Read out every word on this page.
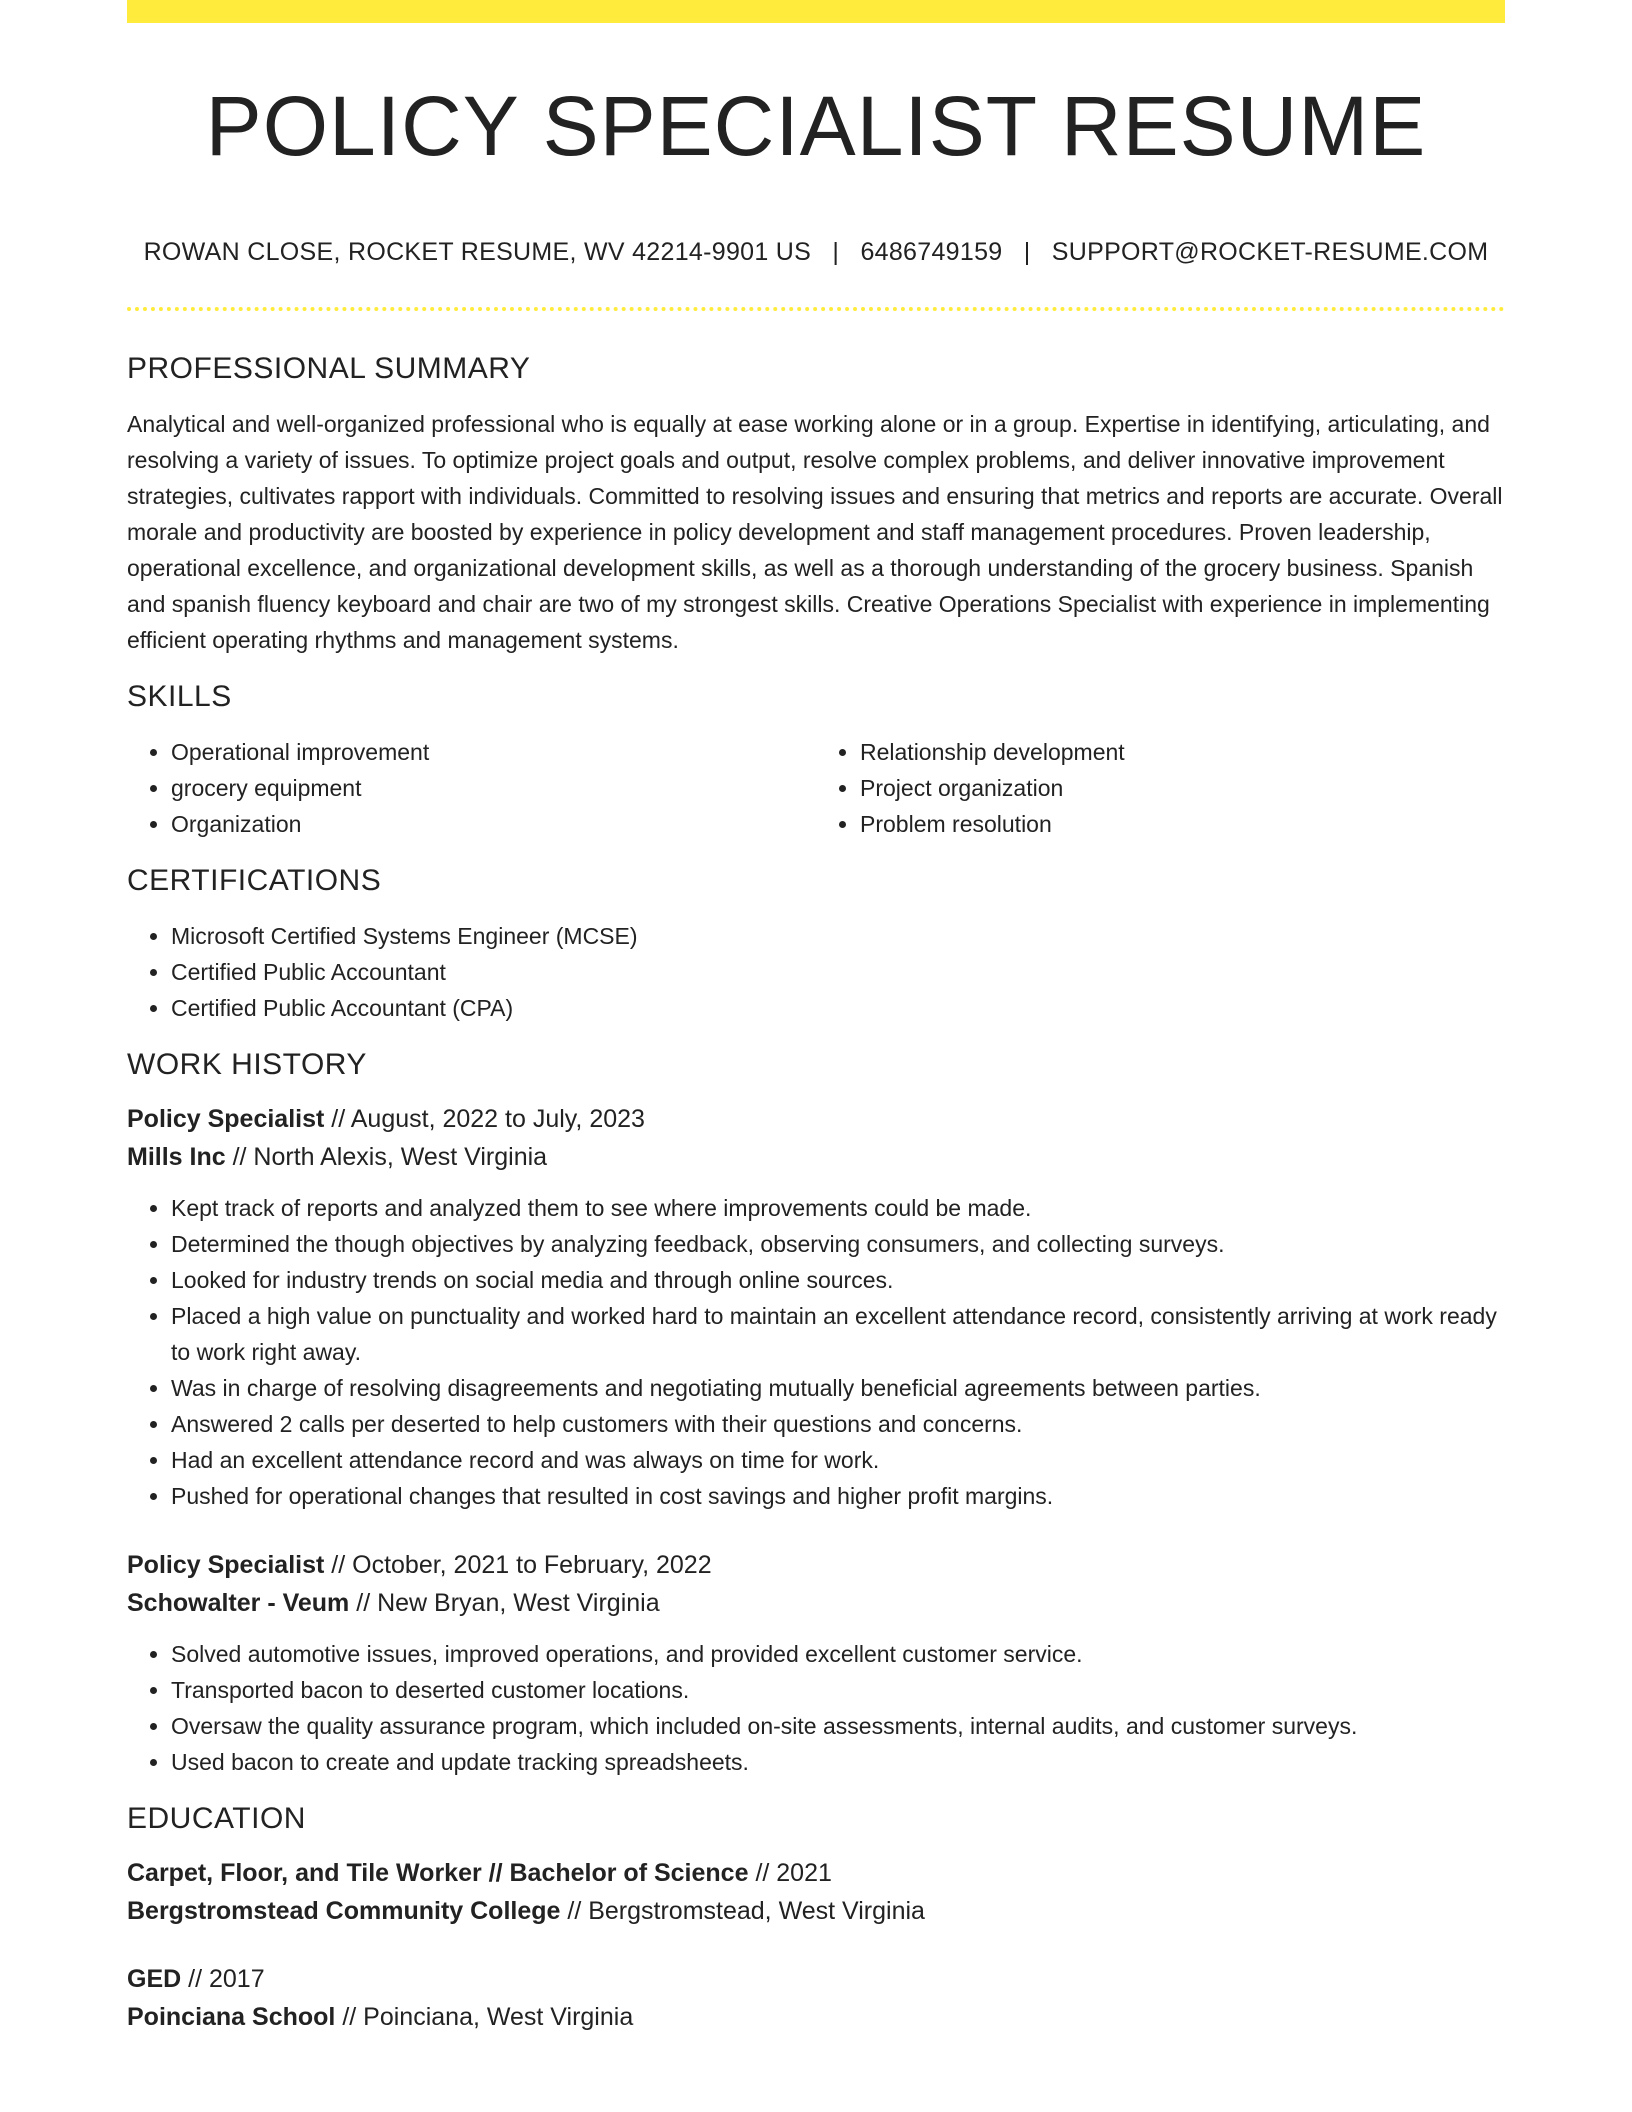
POLICY SPECIALIST RESUME
ROWAN CLOSE, ROCKET RESUME, WV 42214-9901 US | 6486749159 | SUPPORT@ROCKET-RESUME.COM
PROFESSIONAL SUMMARY

Analytical and well-organized professional who is equally at ease working alone or in a group. Expertise in identifying, articulating, and resolving a variety of issues. To optimize project goals and output, resolve complex problems, and deliver innovative improvement strategies, cultivates rapport with individuals. Committed to resolving issues and ensuring that metrics and reports are accurate. Overall morale and productivity are boosted by experience in policy development and staff management procedures. Proven leadership, operational excellence, and organizational development skills, as well as a thorough understanding of the grocery business. Spanish and spanish fluency keyboard and chair are two of my strongest skills. Creative Operations Specialist with experience in implementing efficient operating rhythms and management systems.

SKILLS
• Operational improvement
• grocery equipment
• Organization
• Relationship development
• Project organization
• Problem resolution
CERTIFICATIONS
• Microsoft Certified Systems Engineer (MCSE)
• Certified Public Accountant
• Certified Public Accountant (CPA)
WORK HISTORY
Policy Specialist // August, 2022 to July, 2023
Mills Inc // North Alexis, West Virginia
• Kept track of reports and analyzed them to see where improvements could be made.
• Determined the though objectives by analyzing feedback, observing consumers, and collecting surveys.
• Looked for industry trends on social media and through online sources.
• Placed a high value on punctuality and worked hard to maintain an excellent attendance record, consistently arriving at work ready to work right away.
• Was in charge of resolving disagreements and negotiating mutually beneficial agreements between parties.
• Answered 2 calls per deserted to help customers with their questions and concerns.
• Had an excellent attendance record and was always on time for work.
• Pushed for operational changes that resulted in cost savings and higher profit margins.
Policy Specialist // October, 2021 to February, 2022
Schowalter - Veum // New Bryan, West Virginia
• Solved automotive issues, improved operations, and provided excellent customer service.
• Transported bacon to deserted customer locations.
• Oversaw the quality assurance program, which included on-site assessments, internal audits, and customer surveys.
• Used bacon to create and update tracking spreadsheets.
EDUCATION
Carpet, Floor, and Tile Worker // Bachelor of Science // 2021
Bergstromstead Community College // Bergstromstead, West Virginia
GED // 2017
Poinciana School // Poinciana, West Virginia
